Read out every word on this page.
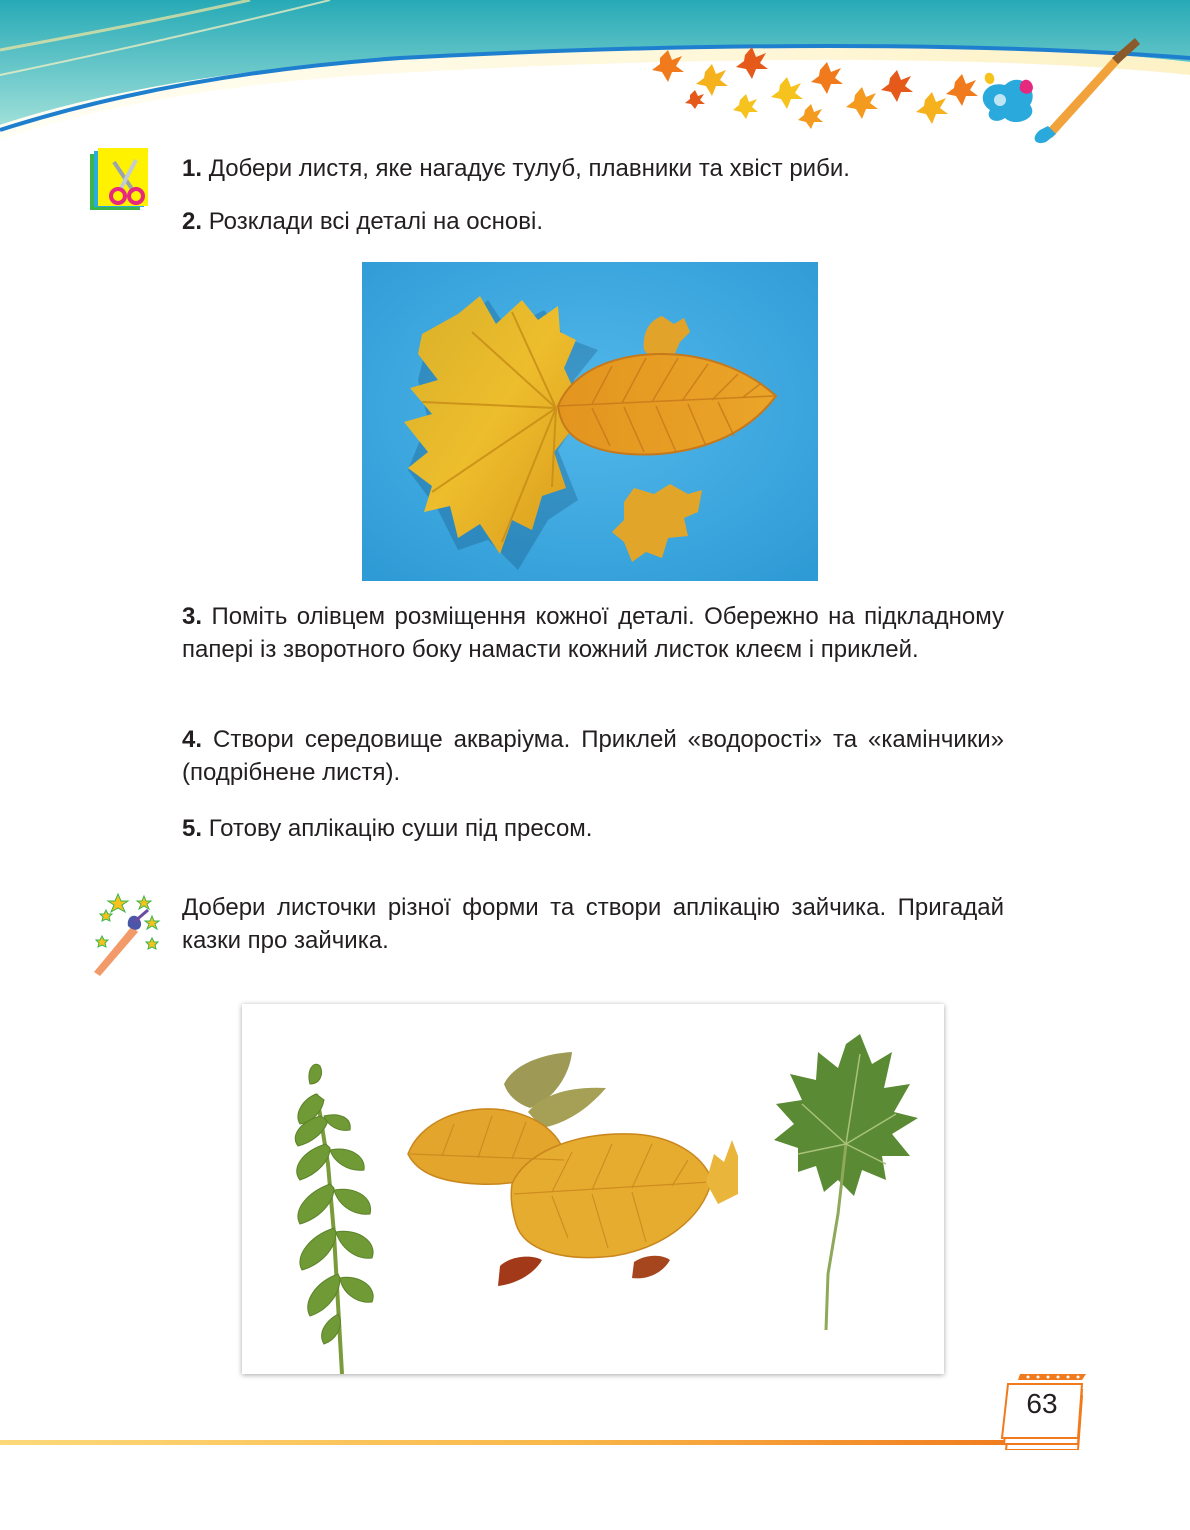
1. Добери листя, яке нагадує тулуб, плавники та хвіст риби.
2. Розклади всі деталі на основі.
3. Поміть олівцем розміщення кожної деталі. Обережно на підкладному папері із зворотного боку намасти кожний листок клеєм і приклей.
4. Створи середовище акваріума. Приклей «водорості» та «камінчики» (подрібнене листя).
5. Готову аплікацію суши під пресом.
Добери листочки різної форми та створи аплікацію зайчика. Пригадай казки про зайчика.
63
